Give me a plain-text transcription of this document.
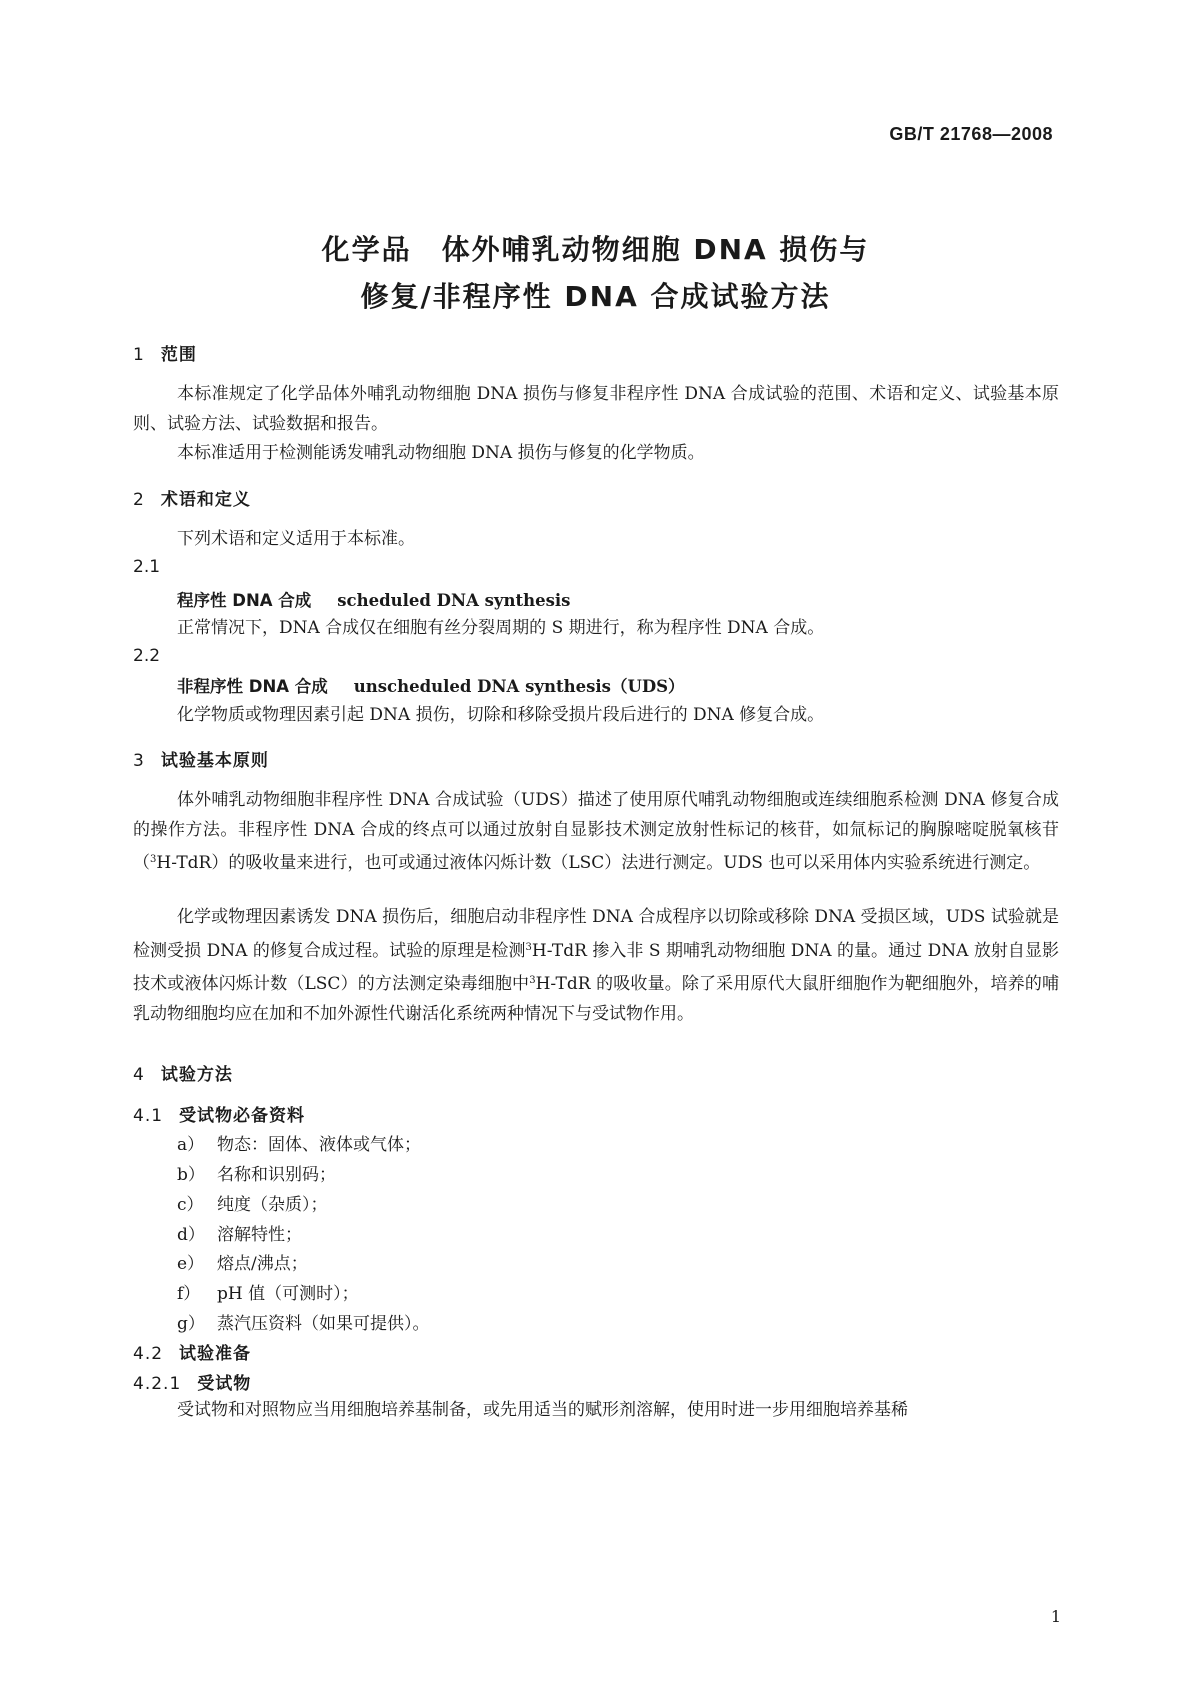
GB/T 21768—2008
化学品　体外哺乳动物细胞 DNA 损伤与
修复/非程序性 DNA 合成试验方法
1 范围
本标准规定了化学品体外哺乳动物细胞 DNA 损伤与修复非程序性 DNA 合成试验的范围、术语和定义、试验基本原则、试验方法、试验数据和报告。
本标准适用于检测能诱发哺乳动物细胞 DNA 损伤与修复的化学物质。
2 术语和定义
下列术语和定义适用于本标准。
2.1
程序性 DNA 合成 scheduled DNA synthesis
正常情况下，DNA 合成仅在细胞有丝分裂周期的 S 期进行，称为程序性 DNA 合成。
2.2
非程序性 DNA 合成 unscheduled DNA synthesis（UDS）
化学物质或物理因素引起 DNA 损伤，切除和移除受损片段后进行的 DNA 修复合成。
3 试验基本原则
体外哺乳动物细胞非程序性 DNA 合成试验（UDS）描述了使用原代哺乳动物细胞或连续细胞系检测 DNA 修复合成的操作方法。非程序性 DNA 合成的终点可以通过放射自显影技术测定放射性标记的核苷，如氚标记的胸腺嘧啶脱氧核苷（$^3$H-TdR）的吸收量来进行，也可或通过液体闪烁计数（LSC）法进行测定。UDS 也可以采用体内实验系统进行测定。
化学或物理因素诱发 DNA 损伤后，细胞启动非程序性 DNA 合成程序以切除或移除 DNA 受损区域，UDS 试验就是检测受损 DNA 的修复合成过程。试验的原理是检测$^3$H-TdR 掺入非 S 期哺乳动物细胞 DNA 的量。通过 DNA 放射自显影技术或液体闪烁计数（LSC）的方法测定染毒细胞中$^3$H-TdR 的吸收量。除了采用原代大鼠肝细胞作为靶细胞外，培养的哺乳动物细胞均应在加和不加外源性代谢活化系统两种情况下与受试物作用。
4 试验方法
4.1 受试物必备资料
a） 物态：固体、液体或气体；
b） 名称和识别码；
c） 纯度（杂质）；
d） 溶解特性；
e） 熔点/沸点；
f） pH 值（可测时）；
g） 蒸汽压资料（如果可提供）。
4.2 试验准备
4.2.1 受试物
受试物和对照物应当用细胞培养基制备，或先用适当的赋形剂溶解，使用时进一步用细胞培养基稀
1
